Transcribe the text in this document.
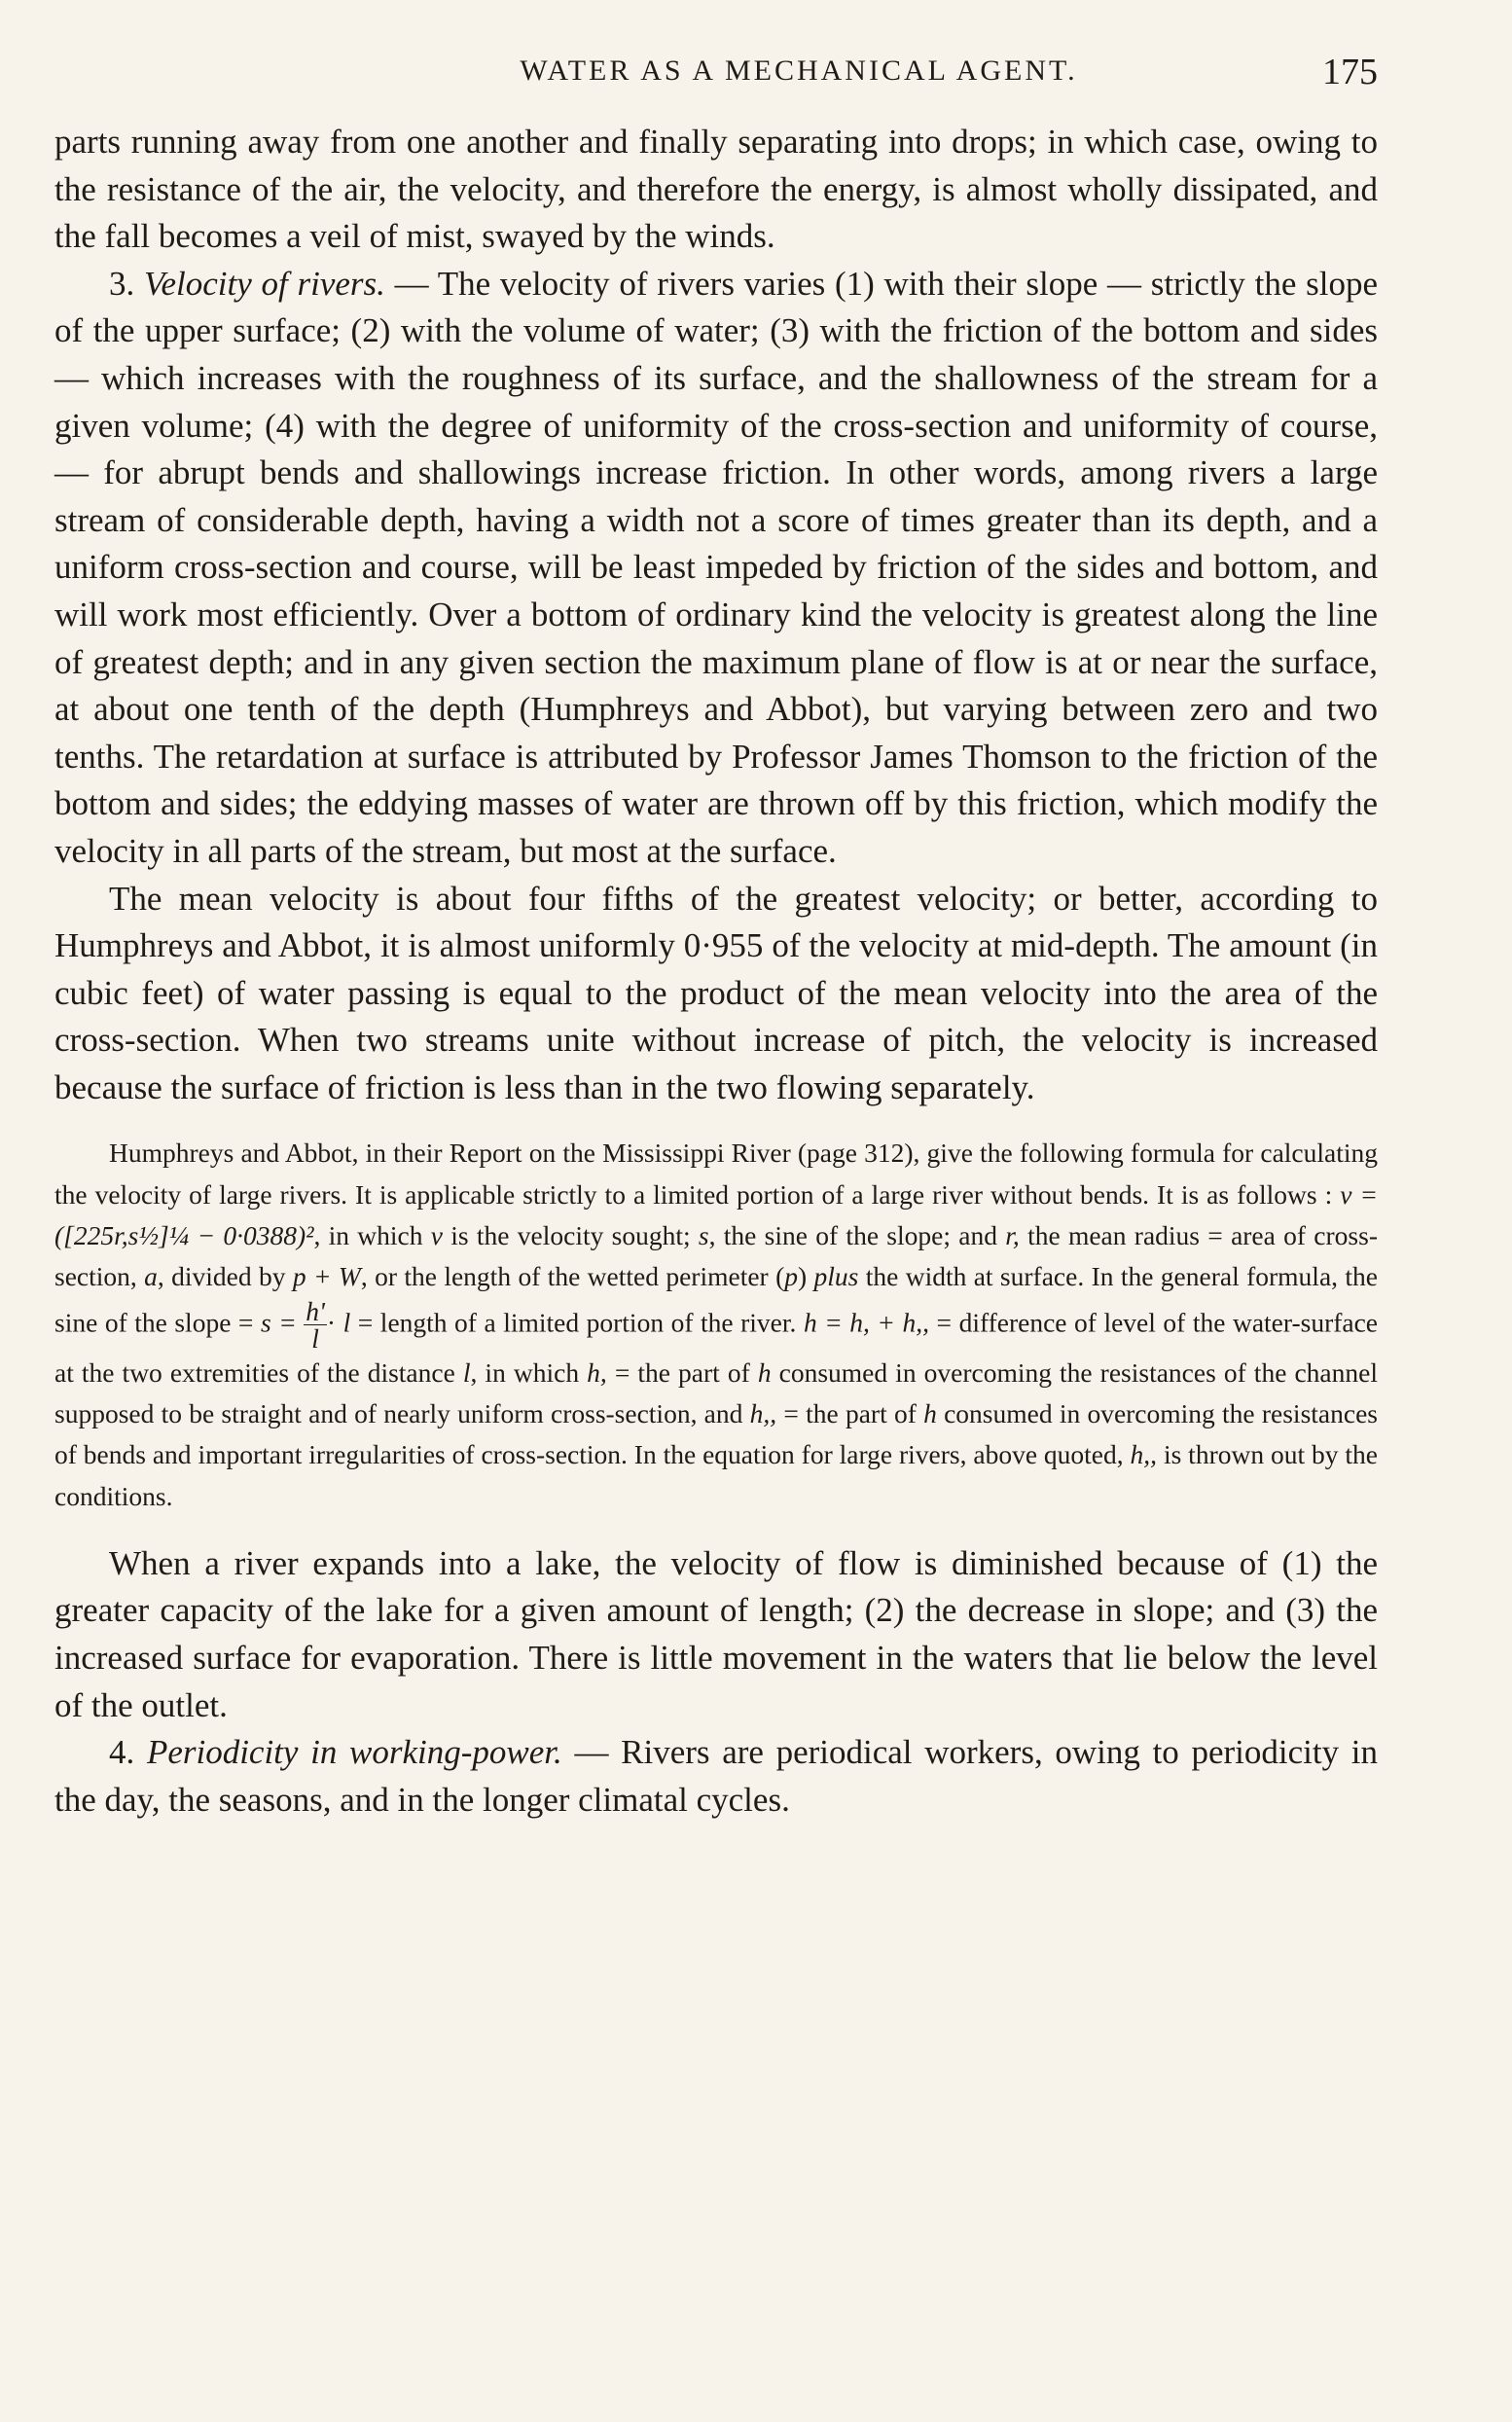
WATER AS A MECHANICAL AGENT.	175

parts running away from one another and finally separating into drops; in which case, owing to the resistance of the air, the velocity, and therefore the energy, is almost wholly dissipated, and the fall becomes a veil of mist, swayed by the winds.

3. Velocity of rivers. — The velocity of rivers varies (1) with their slope — strictly the slope of the upper surface; (2) with the volume of water; (3) with the friction of the bottom and sides — which increases with the roughness of its surface, and the shallowness of the stream for a given volume; (4) with the degree of uniformity of the cross-section and uniformity of course, — for abrupt bends and shallowings increase friction. In other words, among rivers a large stream of considerable depth, having a width not a score of times greater than its depth, and a uniform cross-section and course, will be least impeded by friction of the sides and bottom, and will work most efficiently. Over a bottom of ordinary kind the velocity is greatest along the line of greatest depth; and in any given section the maximum plane of flow is at or near the surface, at about one tenth of the depth (Humphreys and Abbot), but varying between zero and two tenths. The retardation at surface is attributed by Professor James Thomson to the friction of the bottom and sides; the eddying masses of water are thrown off by this friction, which modify the velocity in all parts of the stream, but most at the surface.

The mean velocity is about four fifths of the greatest velocity; or better, according to Humphreys and Abbot, it is almost uniformly 0·955 of the velocity at mid-depth. The amount (in cubic feet) of water passing is equal to the product of the mean velocity into the area of the cross-section. When two streams unite without increase of pitch, the velocity is increased because the surface of friction is less than in the two flowing separately.

Humphreys and Abbot, in their Report on the Mississippi River (page 312), give the following formula for calculating the velocity of large rivers. It is applicable strictly to a limited portion of a large river without bends. It is as follows : v = ([225r,s½]¼ − 0·0388)², in which v is the velocity sought; s, the sine of the slope; and r, the mean radius = area of cross-section, a, divided by p + W, or the length of the wetted perimeter (p) plus the width at surface. In the general formula, the sine of the slope = $s = \frac{h'}{l} \cdot l$ = length of a limited portion of the river. h = h, + h,, = difference of level of the water-surface at the two extremities of the distance l, in which h, = the part of h consumed in overcoming the resistances of the channel supposed to be straight and of nearly uniform cross-section, and h,, = the part of h consumed in overcoming the resistances of bends and important irregularities of cross-section. In the equation for large rivers, above quoted, h,, is thrown out by the conditions.

When a river expands into a lake, the velocity of flow is diminished because of (1) the greater capacity of the lake for a given amount of length; (2) the decrease in slope; and (3) the increased surface for evaporation. There is little movement in the waters that lie below the level of the outlet.

4. Periodicity in working-power. — Rivers are periodical workers, owing to periodicity in the day, the seasons, and in the longer climatal cycles.
